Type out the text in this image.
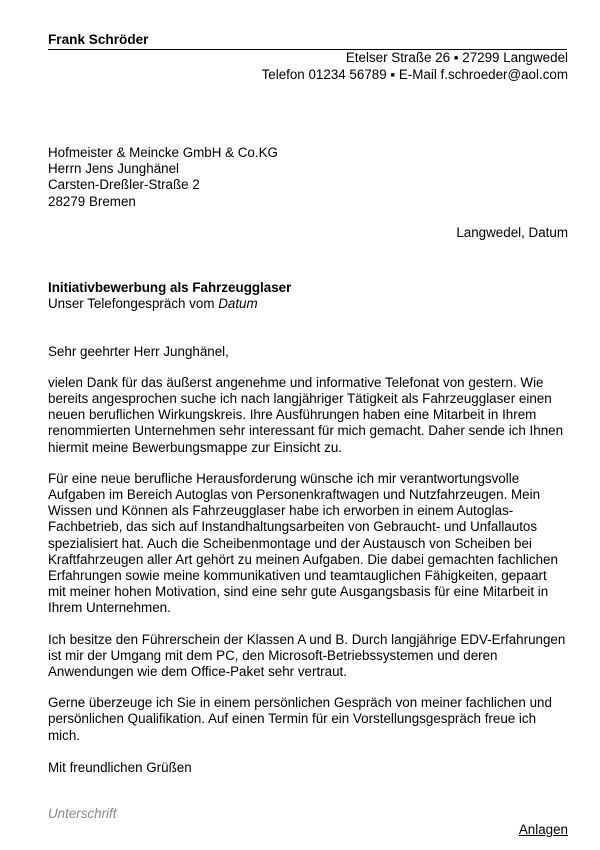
Frank Schröder
Etelser Straße 26 ▪ 27299 Langwedel
Telefon 01234 56789 ▪ E-Mail f.schroeder@aol.com
Hofmeister & Meincke GmbH & Co.KG
Herrn Jens Junghänel
Carsten-Dreßler-Straße 2
28279 Bremen
Langwedel, Datum
Initiativbewerbung als Fahrzeugglaser
Unser Telefongespräch vom Datum
Sehr geehrter Herr Junghänel,
vielen Dank für das äußerst angenehme und informative Telefonat von gestern. Wie bereits angesprochen suche ich nach langjähriger Tätigkeit als Fahrzeugglaser einen neuen beruflichen Wirkungskreis. Ihre Ausführungen haben eine Mitarbeit in Ihrem renommierten Unternehmen sehr interessant für mich gemacht. Daher sende ich Ihnen hiermit meine Bewerbungsmappe zur Einsicht zu.
Für eine neue berufliche Herausforderung wünsche ich mir verantwortungsvolle Aufgaben im Bereich Autoglas von Personenkraftwagen und Nutzfahrzeugen. Mein Wissen und Können als Fahrzeugglaser habe ich erworben in einem Autoglas-Fachbetrieb, das sich auf Instandhaltungsarbeiten von Gebraucht- und Unfallautos spezialisiert hat. Auch die Scheibenmontage und der Austausch von Scheiben bei Kraftfahrzeugen aller Art gehört zu meinen Aufgaben. Die dabei gemachten fachlichen Erfahrungen sowie meine kommunikativen und teamtauglichen Fähigkeiten, gepaart mit meiner hohen Motivation, sind eine sehr gute Ausgangsbasis für eine Mitarbeit in Ihrem Unternehmen.
Ich besitze den Führerschein der Klassen A und B. Durch langjährige EDV-Erfahrungen ist mir der Umgang mit dem PC, den Microsoft-Betriebssystemen und deren Anwendungen wie dem Office-Paket sehr vertraut.
Gerne überzeuge ich Sie in einem persönlichen Gespräch von meiner fachlichen und persönlichen Qualifikation. Auf einen Termin für ein Vorstellungsgespräch freue ich mich.
Mit freundlichen Grüßen
Unterschrift
Anlagen
